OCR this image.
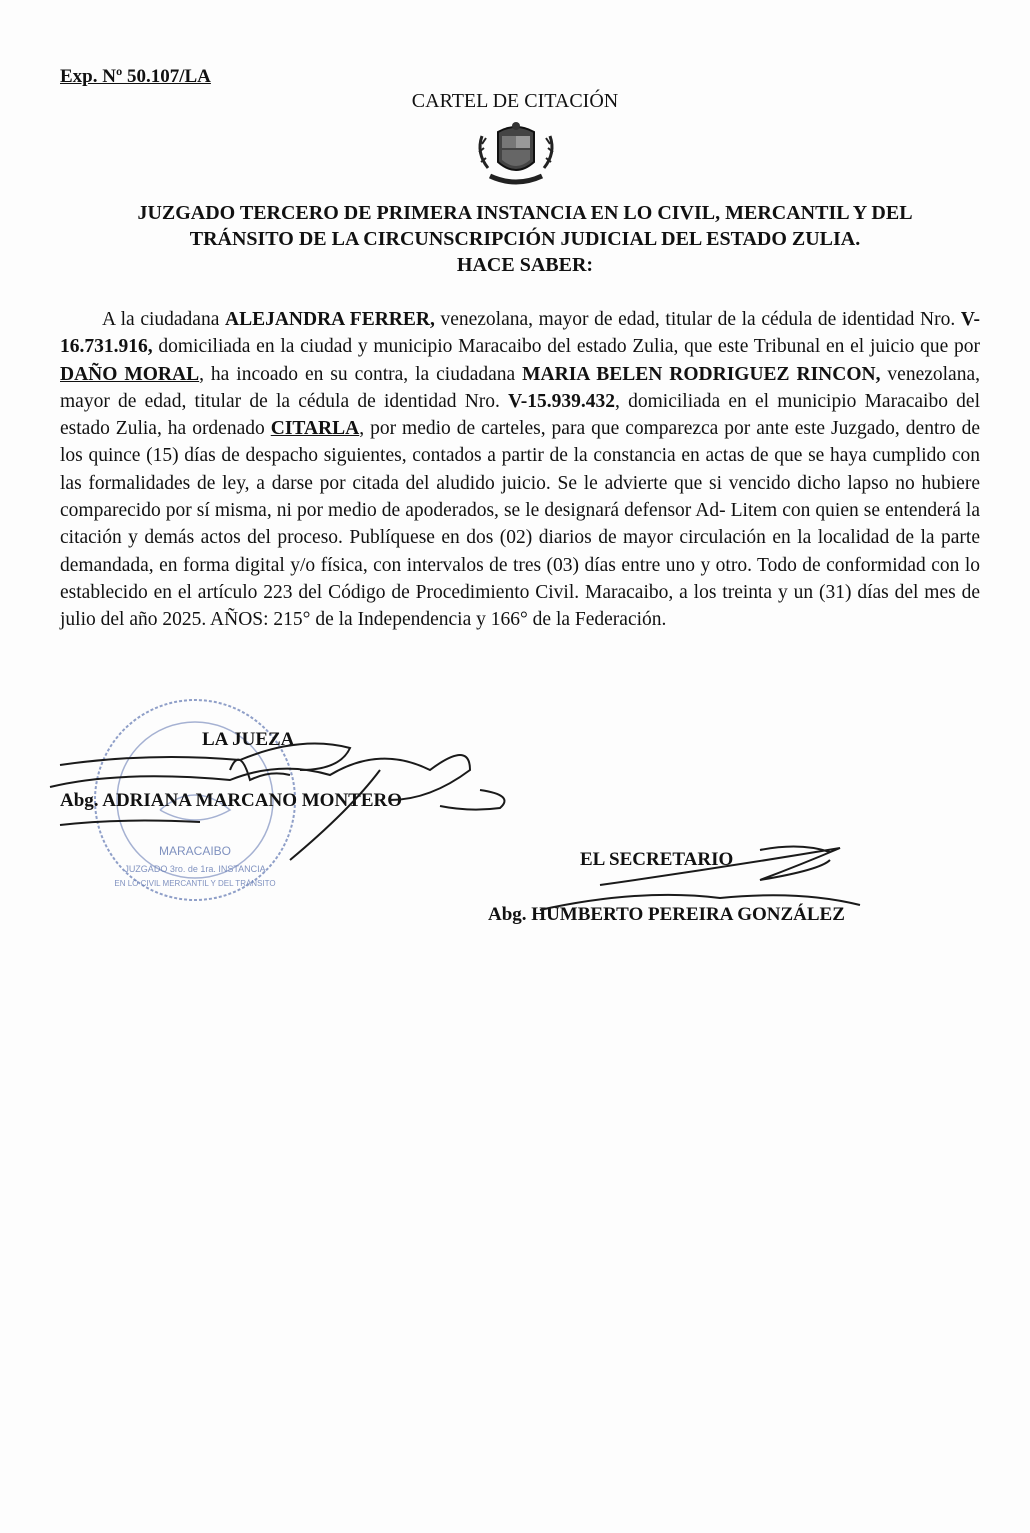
Exp. Nº 50.107/LA
CARTEL DE CITACIÓN
JUZGADO TERCERO DE PRIMERA INSTANCIA EN LO CIVIL, MERCANTIL Y DEL
TRÁNSITO DE LA CIRCUNSCRIPCIÓN JUDICIAL DEL ESTADO ZULIA.
HACE SABER:

A la ciudadana ALEJANDRA FERRER, venezolana, mayor de edad, titular de la cédula de identidad Nro. V- 16.731.916, domiciliada en la ciudad y municipio Maracaibo del estado Zulia, que este Tribunal en el juicio que por DAÑO MORAL, ha incoado en su contra, la ciudadana MARIA BELEN RODRIGUEZ RINCON, venezolana, mayor de edad, titular de la cédula de identidad Nro. V-15.939.432, domiciliada en el municipio Maracaibo del estado Zulia, ha ordenado CITARLA, por medio de carteles, para que comparezca por ante este Juzgado, dentro de los quince (15) días de despacho siguientes, contados a partir de la constancia en actas de que se haya cumplido con las formalidades de ley, a darse por citada del aludido juicio. Se le advierte que si vencido dicho lapso no hubiere comparecido por sí misma, ni por medio de apoderados, se le designará defensor Ad- Litem con quien se entenderá la citación y demás actos del proceso. Publíquese en dos (02) diarios de mayor circulación en la localidad de la parte demandada, en forma digital y/o física, con intervalos de tres (03) días entre uno y otro. Todo de conformidad con lo establecido en el artículo 223 del Código de Procedimiento Civil. Maracaibo, a los treinta y un (31) días del mes de julio del año 2025. AÑOS: 215° de la Independencia y 166° de la Federación.

MARACAIBO
JUZGADO 3ro. de 1ra. INSTANCIA
EN LO CIVIL MERCANTIL Y DEL TRÁNSITO
LA JUEZA
Abg. ADRIANA MARCANO MONTERO
EL SECRETARIO
Abg. HUMBERTO PEREIRA GONZÁLEZ
